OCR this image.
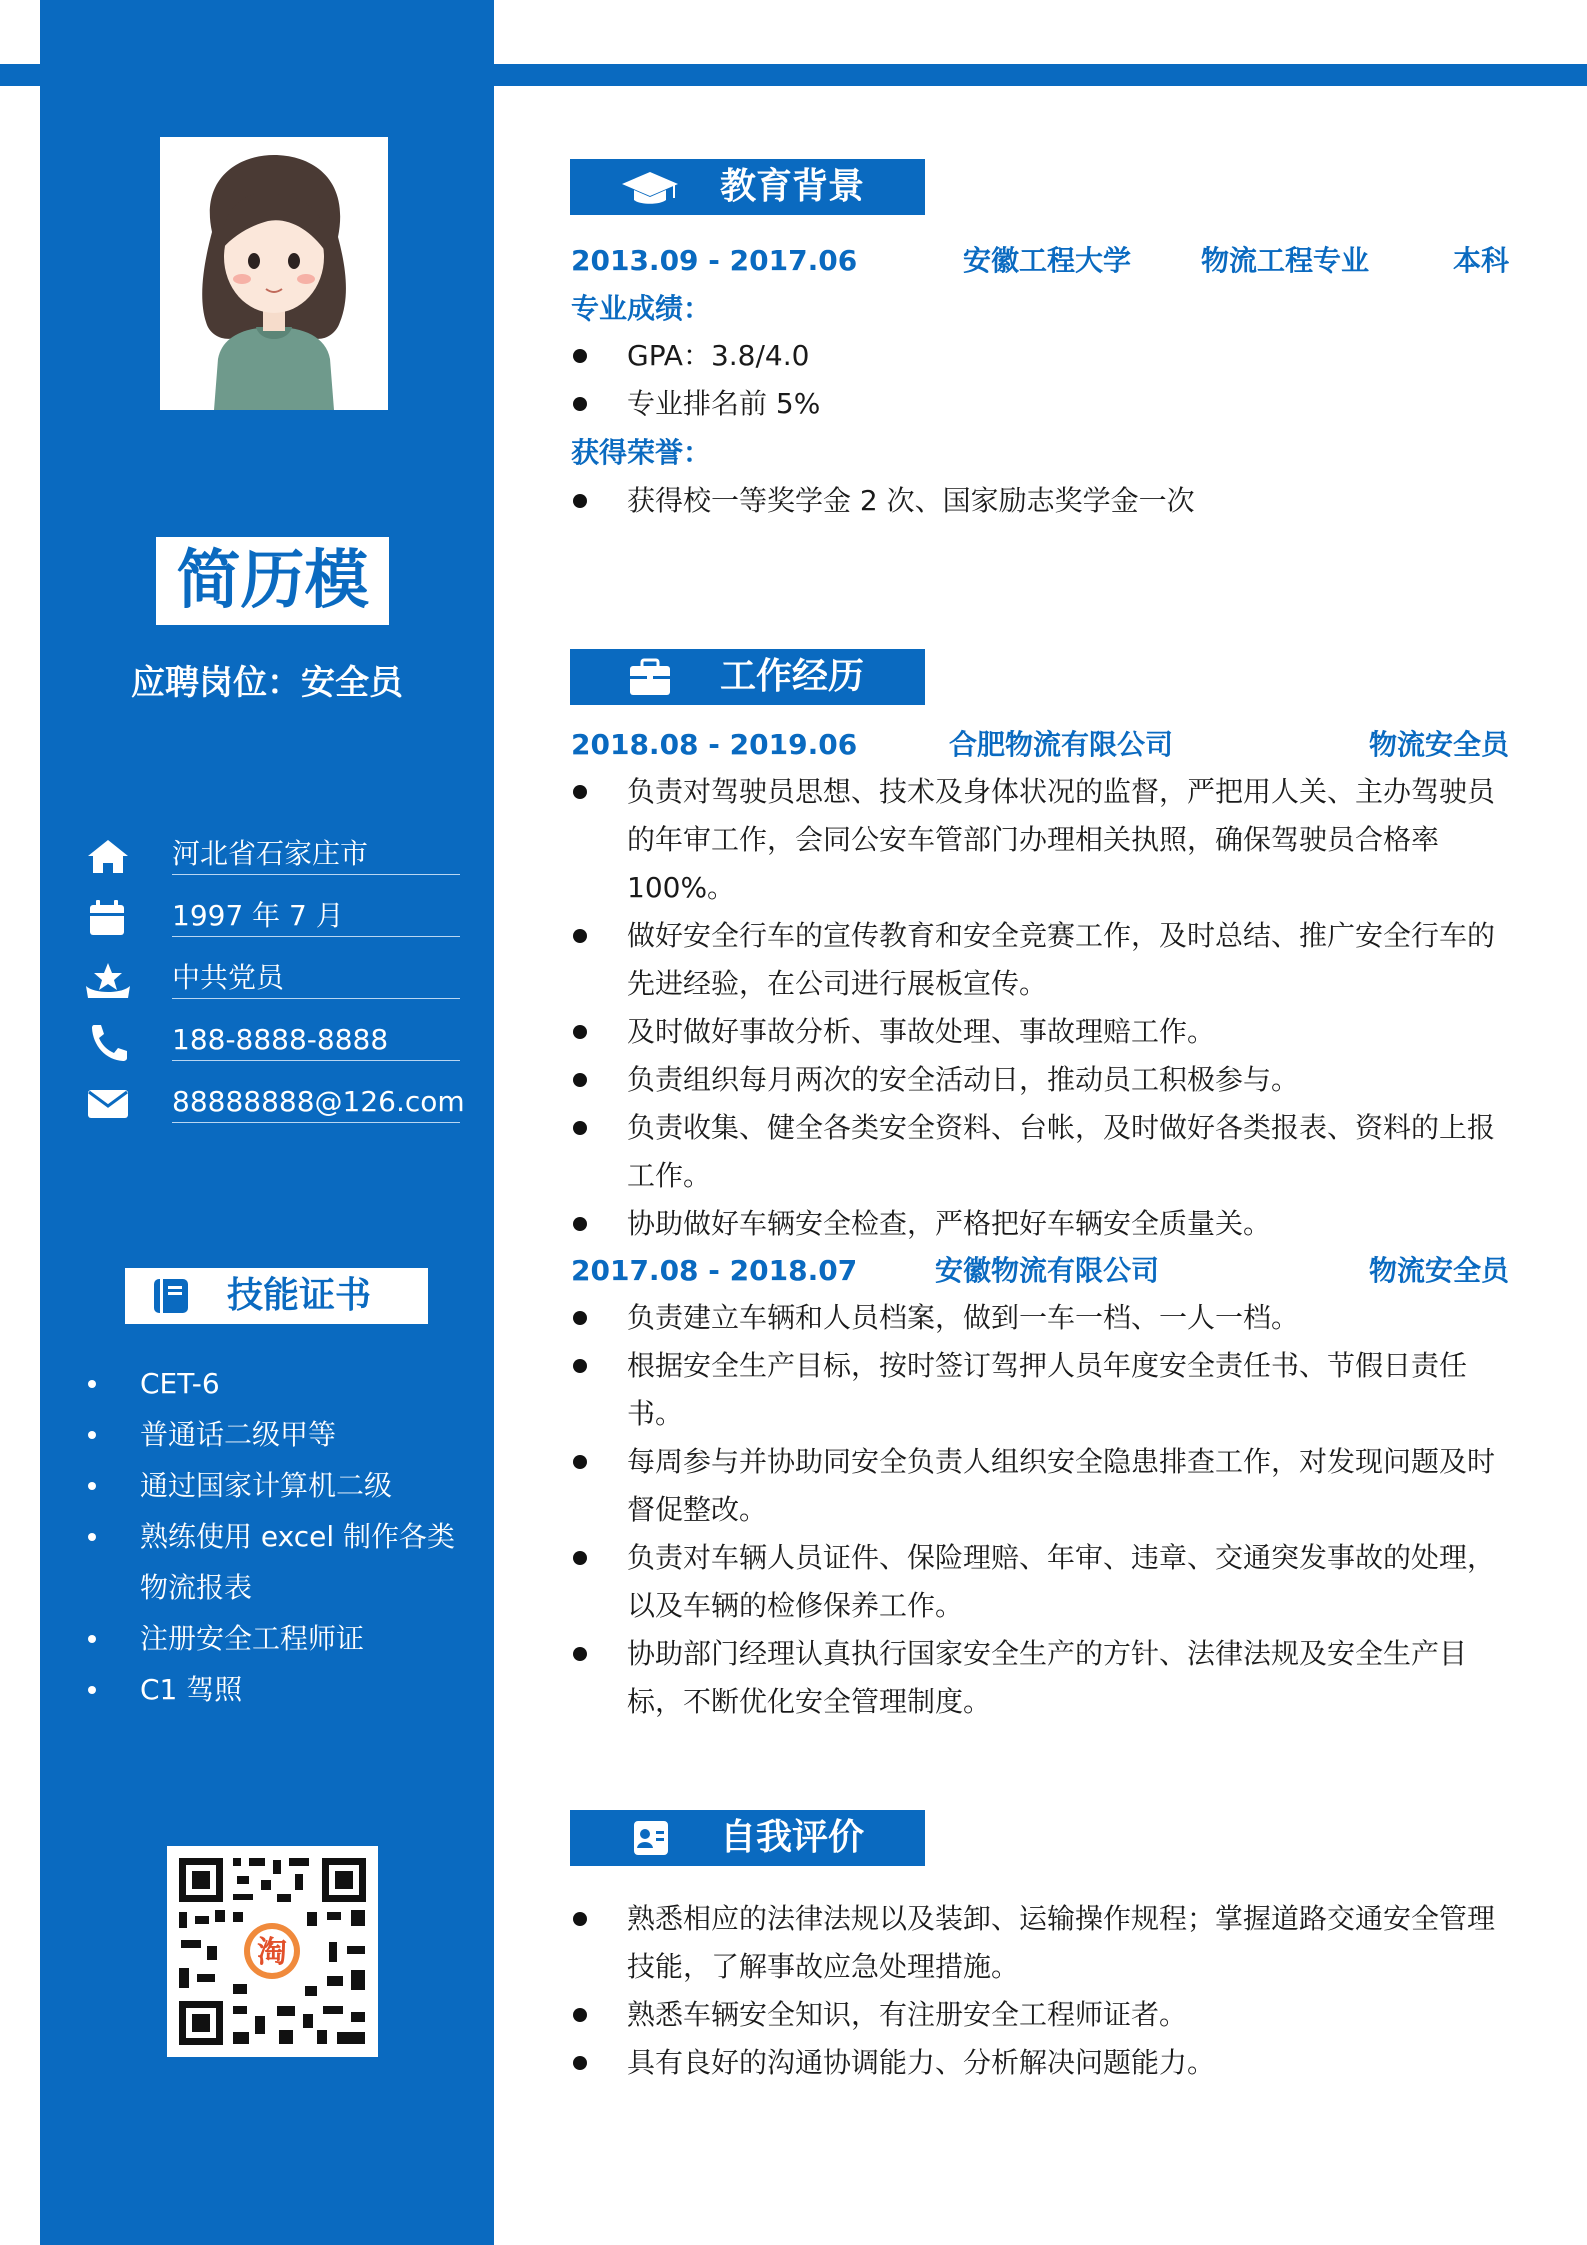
简历模
应聘岗位：安全员
河北省石家庄市
1997 年 7 月
中共党员
188-8888-8888
88888888@126.com
技能证书
CET-6
普通话二级甲等
通过国家计算机二级
熟练使用 excel 制作各类物流报表
注册安全工程师证
C1 驾照
淘
教育背景
2013.09 - 2017.06	安徽工程大学 物流工程专业	本科
专业成绩：
GPA：3.8/4.0
专业排名前 5%
获得荣誉：
获得校一等奖学金 2 次、国家励志奖学金一次
工作经历
2018.08 - 2019.06	合肥物流有限公司	物流安全员
负责对驾驶员思想、技术及身体状况的监督，严把用人关、主办驾驶员的年审工作，会同公安车管部门办理相关执照，确保驾驶员合格率 100%。
做好安全行车的宣传教育和安全竞赛工作，及时总结、推广安全行车的先进经验，在公司进行展板宣传。
及时做好事故分析、事故处理、事故理赔工作。
负责组织每月两次的安全活动日，推动员工积极参与。
负责收集、健全各类安全资料、台帐，及时做好各类报表、资料的上报工作。
协助做好车辆安全检查，严格把好车辆安全质量关。
2017.08 - 2018.07	安徽物流有限公司	物流安全员
负责建立车辆和人员档案，做到一车一档、一人一档。
根据安全生产目标，按时签订驾押人员年度安全责任书、节假日责任书。
每周参与并协助同安全负责人组织安全隐患排查工作，对发现问题及时督促整改。
负责对车辆人员证件、保险理赔、年审、违章、交通突发事故的处理，以及车辆的检修保养工作。
协助部门经理认真执行国家安全生产的方针、法律法规及安全生产目标，不断优化安全管理制度。
自我评价
熟悉相应的法律法规以及装卸、运输操作规程；掌握道路交通安全管理技能，了解事故应急处理措施。
熟悉车辆安全知识，有注册安全工程师证者。
具有良好的沟通协调能力、分析解决问题能力。
